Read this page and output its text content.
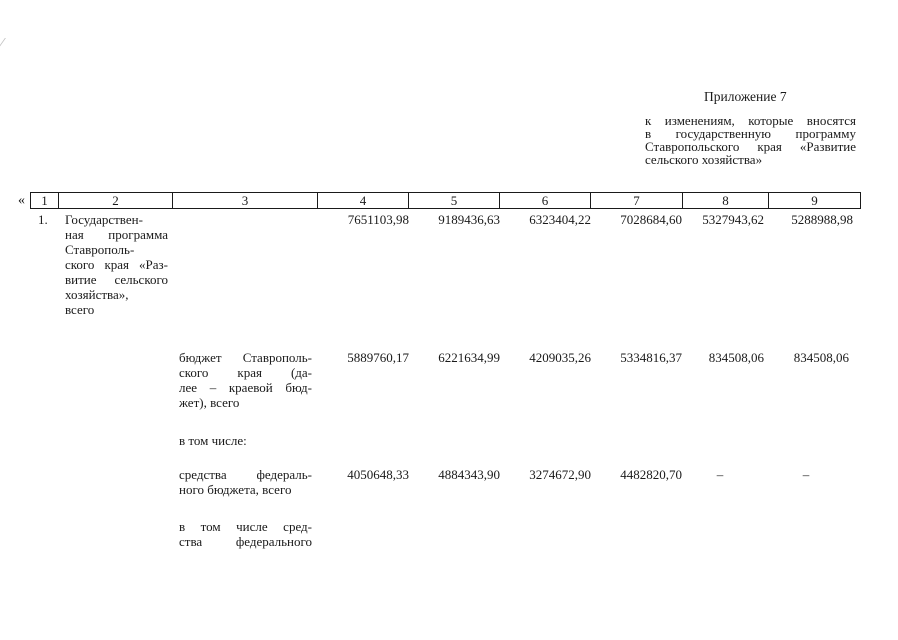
Приложение 7
к изменениям, которые вносятся
в государственную программу
Ставропольского края «Развитие
сельского хозяйства»
«	1	2	3	4	5	6	7	8	9
1. Государствен-
ная программа
Ставрополь-
ского края «Раз-
витие сельского
хозяйства»,
всего
7651103,98	9189436,63	6323404,22	7028684,60	5327943,62	5288988,98
бюджет Ставрополь-
ского края (да-
лее – краевой бюд-
жет), всего
5889760,17	6221634,99	4209035,26	5334816,37	834508,06	834508,06
в том числе:
средства федераль-
ного бюджета, всего
4050648,33	4884343,90	3274672,90	4482820,70	–	–
в том числе сред-
ства федерального
